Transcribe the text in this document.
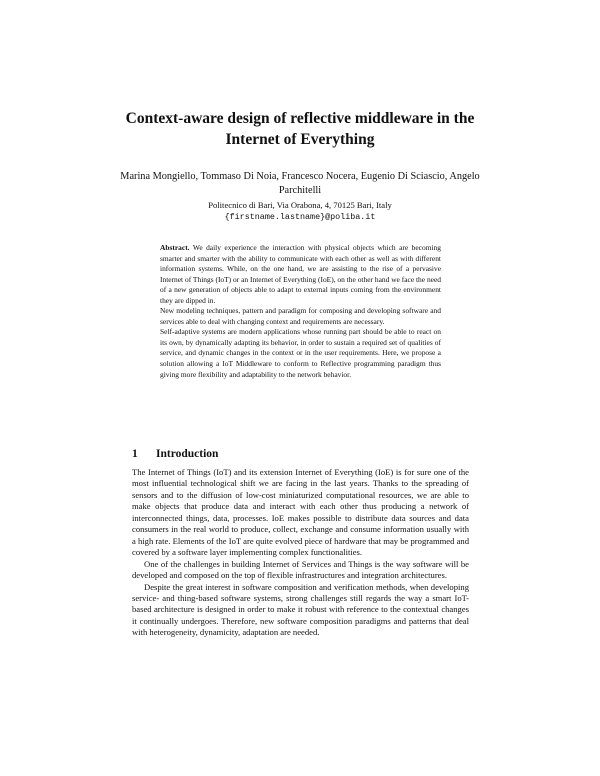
Context-aware design of reflective middleware in the Internet of Everything
Marina Mongiello, Tommaso Di Noia, Francesco Nocera, Eugenio Di Sciascio, Angelo Parchitelli
Politecnico di Bari, Via Orabona, 4, 70125 Bari, Italy
{firstname.lastname}@poliba.it

Abstract. We daily experience the interaction with physical objects which are becoming smarter and smarter with the ability to communicate with each other as well as with different information systems. While, on the one hand, we are assisting to the rise of a pervasive Internet of Things (IoT) or an Internet of Everything (IoE), on the other hand we face the need of a new generation of objects able to adapt to external inputs coming from the environment they are dipped in.

New modeling techniques, pattern and paradigm for composing and developing software and services able to deal with changing context and requirements are necessary.

Self-adaptive systems are modern applications whose running part should be able to react on its own, by dynamically adapting its behavior, in order to sustain a required set of qualities of service, and dynamic changes in the context or in the user requirements. Here, we propose a solution allowing a IoT Middleware to conform to Reflective programming paradigm thus giving more flexibility and adaptability to the network behavior.

1 Introduction

The Internet of Things (IoT) and its extension Internet of Everything (IoE) is for sure one of the most influential technological shift we are facing in the last years. Thanks to the spreading of sensors and to the diffusion of low-cost miniaturized computational resources, we are able to make objects that produce data and interact with each other thus producing a network of interconnected things, data, processes. IoE makes possible to distribute data sources and data consumers in the real world to produce, collect, exchange and consume information usually with a high rate. Elements of the IoT are quite evolved piece of hardware that may be programmed and covered by a software layer implementing complex functionalities.

One of the challenges in building Internet of Services and Things is the way software will be developed and composed on the top of flexible infrastructures and integration architectures.

Despite the great interest in software composition and verification methods, when developing service- and thing-based software systems, strong challenges still regards the way a smart IoT-based architecture is designed in order to make it robust with reference to the contextual changes it continually undergoes. Therefore, new software composition paradigms and patterns that deal with heterogeneity, dynamicity, adaptation are needed.
